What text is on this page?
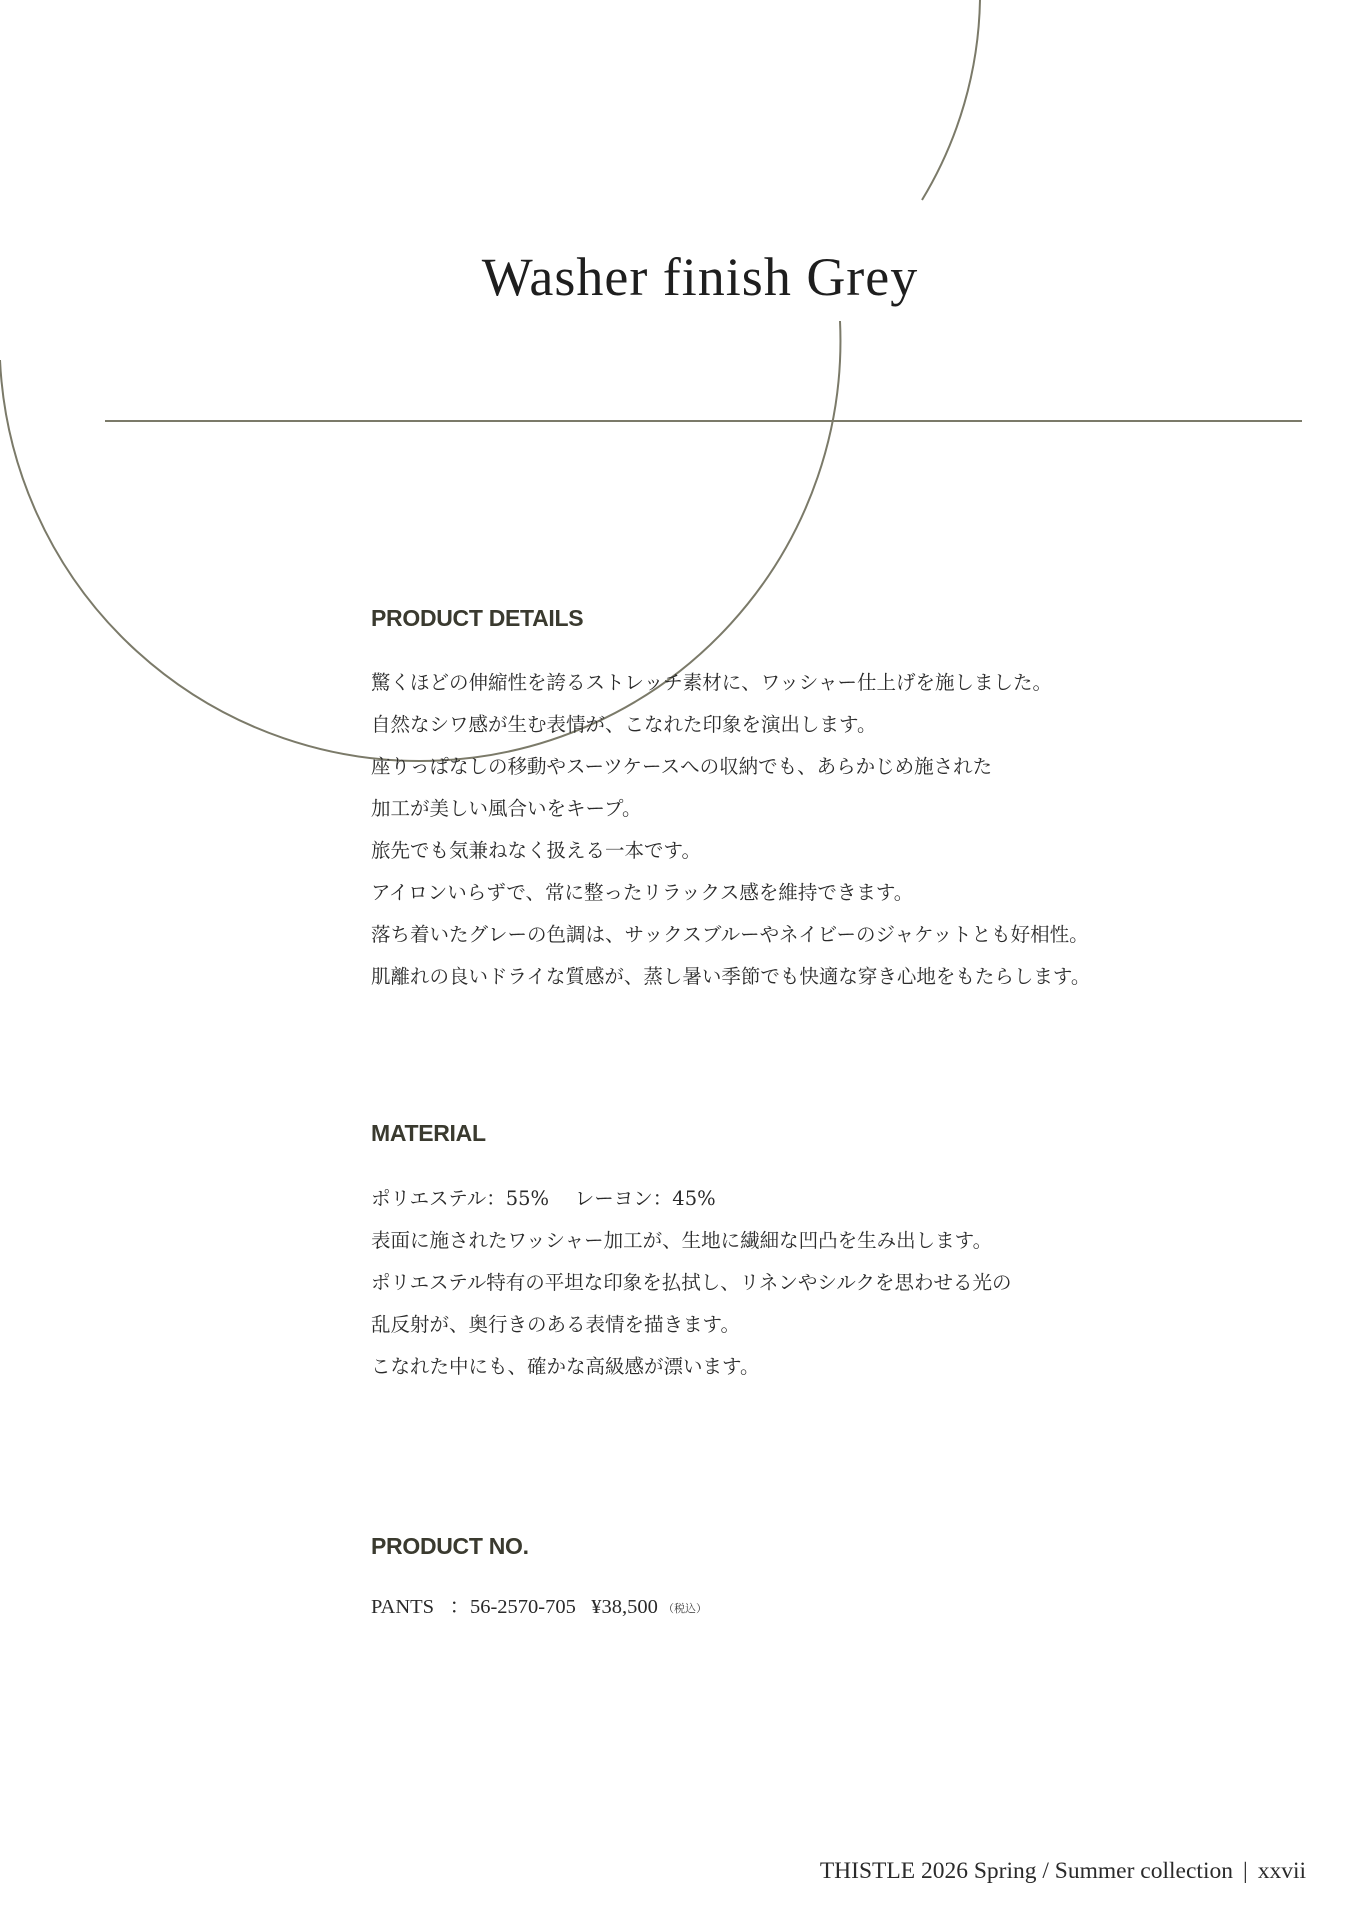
Washer finish Grey
PRODUCT DETAILS
驚くほどの伸縮性を誇るストレッチ素材に、ワッシャー仕上げを施しました。
自然なシワ感が生む表情が、こなれた印象を演出します。
座りっぱなしの移動やスーツケースへの収納でも、あらかじめ施された
加工が美しい風合いをキープ。
旅先でも気兼ねなく扱える一本です。
アイロンいらずで、常に整ったリラックス感を維持できます。
落ち着いたグレーの色調は、サックスブルーやネイビーのジャケットとも好相性。
肌離れの良いドライな質感が、蒸し暑い季節でも快適な穿き心地をもたらします。
MATERIAL
ポリエステル：55%　 レーヨン：45%
表面に施されたワッシャー加工が、生地に繊細な凹凸を生み出します。
ポリエステル特有の平坦な印象を払拭し、リネンやシルクを思わせる光の
乱反射が、奥行きのある表情を描きます。
こなれた中にも、確かな高級感が漂います。
PRODUCT NO.
PANTS ：56-2570-705 ¥38,500 （税込）
THISTLE 2026 Spring / Summer collection | xxvii
